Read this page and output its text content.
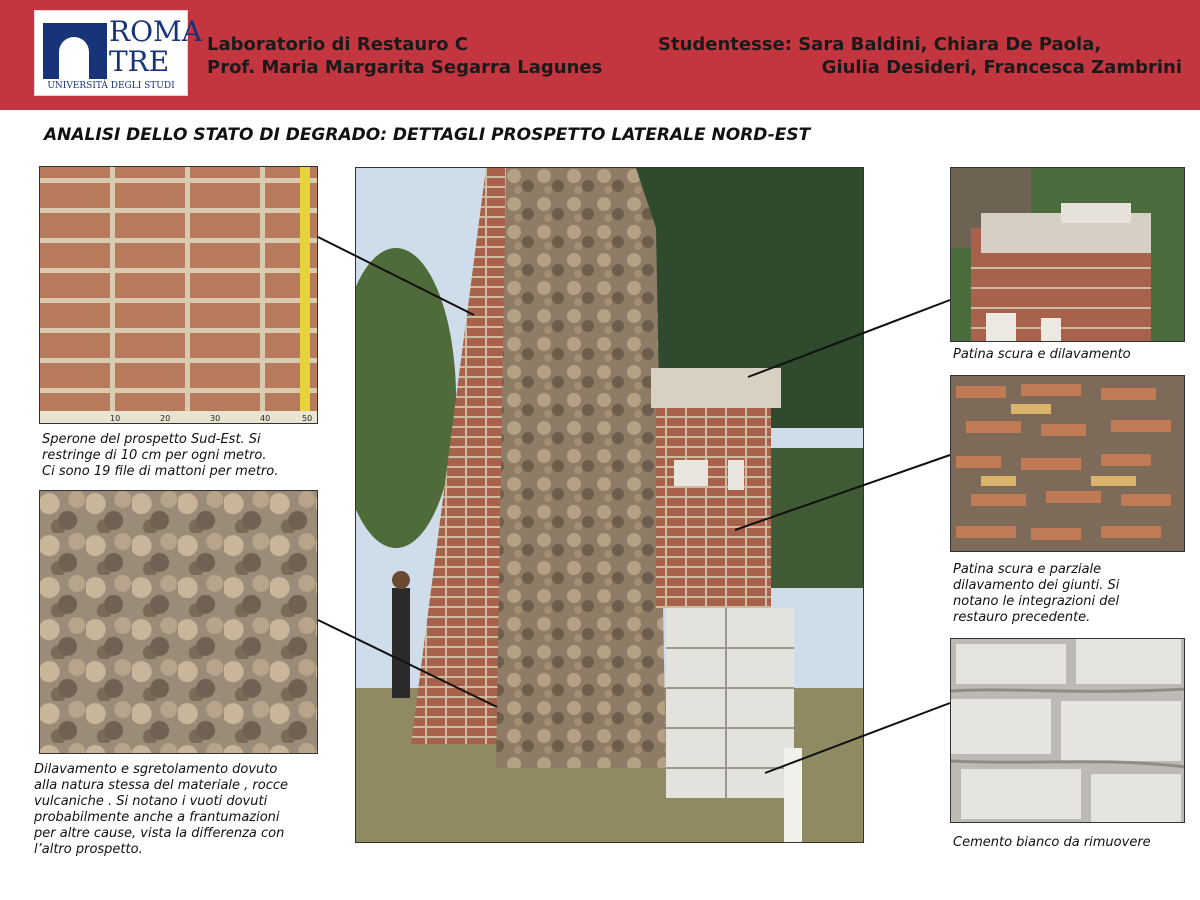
ROMA
TRE
UNIVERSITÀ DEGLI STUDI
Laboratorio di Restauro C
Prof. Maria Margarita Segarra Lagunes
Studentesse: Sara Baldini, Chiara De Paola,
Giulia Desideri, Francesca Zambrini
ANALISI DELLO STATO DI DEGRADO: DETTAGLI PROSPETTO LATERALE NORD-EST
10	20	30	40	50
Sperone del prospetto Sud-Est. Si
restringe di 10 cm per ogni metro.
Ci sono 19 file di mattoni per metro.
Dilavamento e sgretolamento dovuto
alla natura stessa del materiale , rocce
vulcaniche . Si notano i vuoti dovuti
probabilmente anche a frantumazioni
per altre cause, vista la differenza con
l’altro prospetto.
Patina scura e dilavamento
Patina scura e parziale
dilavamento dei giunti. Si
notano le integrazioni del
restauro precedente.
Cemento bianco da rimuovere
